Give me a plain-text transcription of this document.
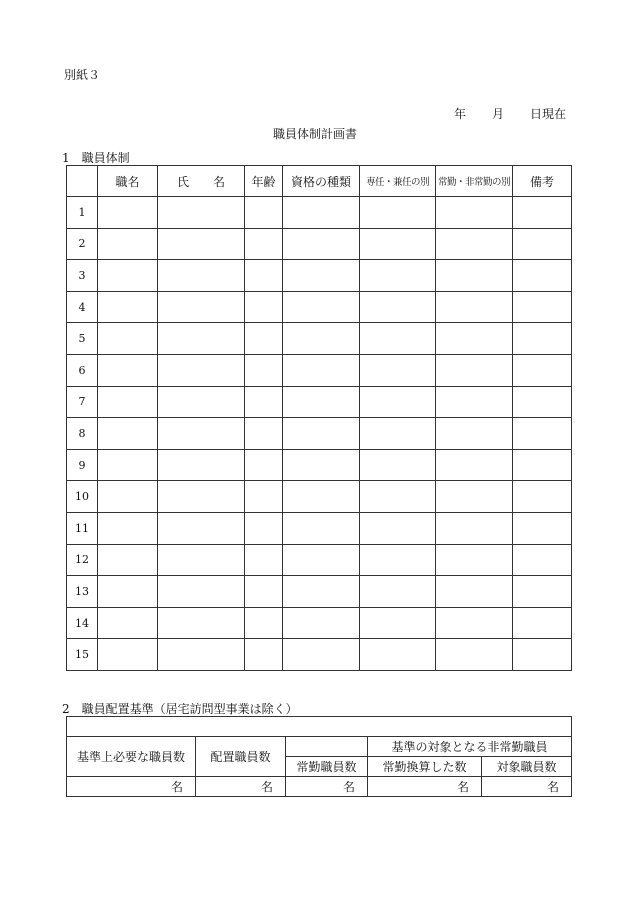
別紙３
年 月 日現在
職員体制計画書
1　職員体制
	職名	氏　　名	年齢	資格の種類	専任・兼任の別	常勤・非常勤の別	備考
1							
2							
3							
4							
5							
6							
7							
8							
9							
10							
11							
12							
13							
14							
15							
2　職員配置基準（居宅訪問型事業は除く）

基準上必要な職員数	配置職員数		基準の対象となる非常勤職員	
		常勤職員数	常勤換算した数	対象職員数

名	名	名	名	名
